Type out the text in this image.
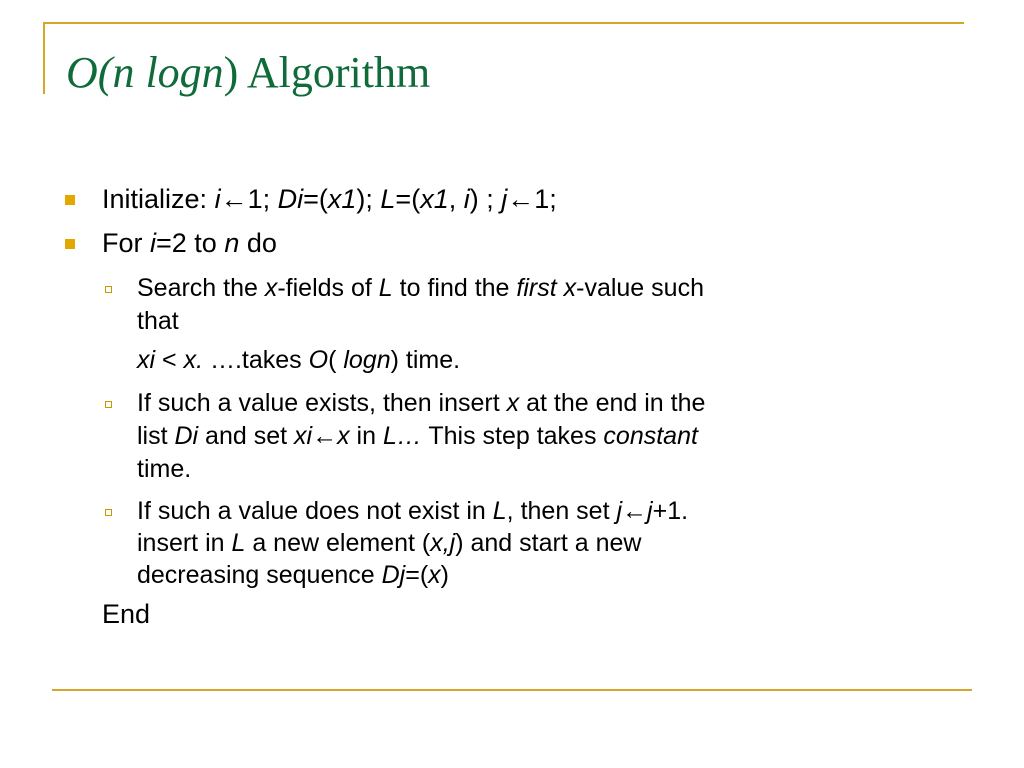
O(n logn) Algorithm
Initialize: i←1; Di=(x1); L=(x1, i) ; j←1;
For i=2 to n do
Search the x-fields of L to find the first x-value such
that
xi < x. ….takes O( logn) time.
If such a value exists, then insert x at the end in the
list Di and set xi←x in L… This step takes constant
time.
If such a value does not exist in L, then set j←j+1.
insert in L a new element (x,j) and start a new
decreasing sequence Dj=(x)
End
